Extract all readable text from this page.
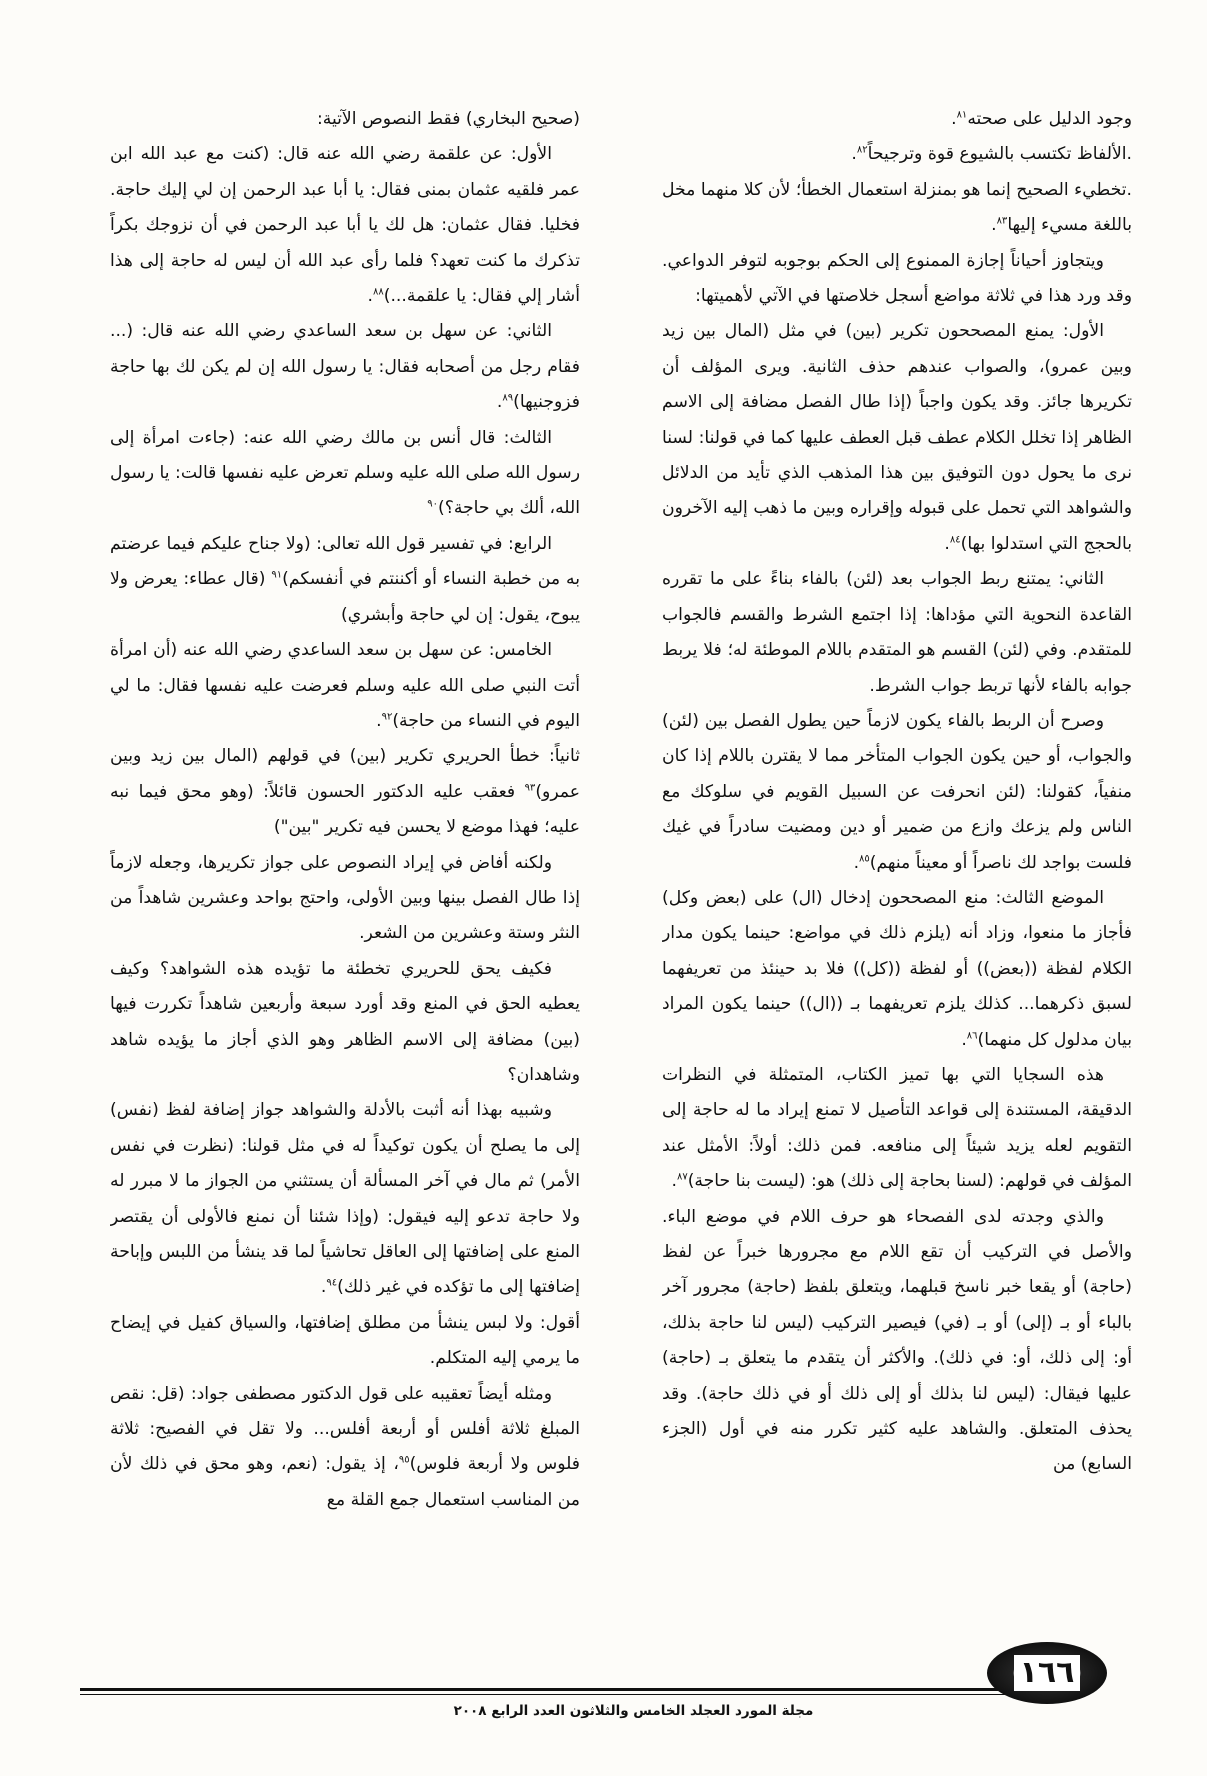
وجود الدليل على صحته$^{٨١}$.

.الألفاظ تكتسب بالشيوع قوة وترجيحاً$^{٨٢}$.

.تخطيء الصحيح إنما هو بمنزلة استعمال الخطأ؛ لأن كلا منهما مخل باللغة مسيء إليها$^{٨٣}$.

ويتجاوز أحياناً إجازة الممنوع إلى الحكم بوجوبه لتوفر الدواعي. وقد ورد هذا في ثلاثة مواضع أسجل خلاصتها في الآتي لأهميتها:

الأول: يمنع المصححون تكرير (بين) في مثل (المال بين زيد وبين عمرو)، والصواب عندهم حذف الثانية. ويرى المؤلف أن تكريرها جائز. وقد يكون واجباً (إذا طال الفصل مضافة إلى الاسم الظاهر إذا تخلل الكلام عطف قبل العطف عليها كما في قولنا: لسنا نرى ما يحول دون التوفيق بين هذا المذهب الذي تأيد من الدلائل والشواهد التي تحمل على قبوله وإقراره وبين ما ذهب إليه الآخرون بالحجج التي استدلوا بها)$^{٨٤}$.

الثاني: يمتنع ربط الجواب بعد (لئن) بالفاء بناءً على ما تقرره القاعدة النحوية التي مؤداها: إذا اجتمع الشرط والقسم فالجواب للمتقدم. وفي (لئن) القسم هو المتقدم باللام الموطئة له؛ فلا يربط جوابه بالفاء لأنها تربط جواب الشرط.

وصرح أن الربط بالفاء يكون لازماً حين يطول الفصل بين (لئن) والجواب، أو حين يكون الجواب المتأخر مما لا يقترن باللام إذا كان منفياً، كقولنا: (لئن انحرفت عن السبيل القويم في سلوكك مع الناس ولم يزعك وازع من ضمير أو دين ومضيت سادراً في غيك فلست بواجد لك ناصراً أو معيناً منهم)$^{٨٥}$.

الموضع الثالث: منع المصححون إدخال (ال) على (بعض وكل) فأجاز ما منعوا، وزاد أنه (يلزم ذلك في مواضع: حينما يكون مدار الكلام لفظة ((بعض)) أو لفظة ((كل)) فلا بد حينئذ من تعريفهما لسبق ذكرهما... كذلك يلزم تعريفهما بـ ((ال)) حينما يكون المراد بيان مدلول كل منهما)$^{٨٦}$.

هذه السجايا التي بها تميز الكتاب، المتمثلة في النظرات الدقيقة، المستندة إلى قواعد التأصيل لا تمنع إيراد ما له حاجة إلى التقويم لعله يزيد شيئاً إلى منافعه. فمن ذلك: أولاً: الأمثل عند المؤلف في قولهم: (لسنا بحاجة إلى ذلك) هو: (ليست بنا حاجة)$^{٨٧}$.

والذي وجدته لدى الفصحاء هو حرف اللام في موضع الباء. والأصل في التركيب أن تقع اللام مع مجرورها خبراً عن لفظ (حاجة) أو يقعا خبر ناسخ قبلهما، ويتعلق بلفظ (حاجة) مجرور آخر بالباء أو بـ (إلى) أو بـ (في) فيصير التركيب (ليس لنا حاجة بذلك، أو: إلى ذلك، أو: في ذلك). والأكثر أن يتقدم ما يتعلق بـ (حاجة) عليها فيقال: (ليس لنا بذلك أو إلى ذلك أو في ذلك حاجة). وقد يحذف المتعلق. والشاهد عليه كثير تكرر منه في أول (الجزء السابع) من

(صحيح البخاري) فقط النصوص الآتية:

الأول: عن علقمة رضي الله عنه قال: (كنت مع عبد الله ابن عمر فلقيه عثمان بمنى فقال: يا أبا عبد الرحمن إن لي إليك حاجة. فخليا. فقال عثمان: هل لك يا أبا عبد الرحمن في أن نزوجك بكراً تذكرك ما كنت تعهد؟ فلما رأى عبد الله أن ليس له حاجة إلى هذا أشار إلي فقال: يا علقمة...)$^{٨٨}$.

الثاني: عن سهل بن سعد الساعدي رضي الله عنه قال: (... فقام رجل من أصحابه فقال: يا رسول الله إن لم يكن لك بها حاجة فزوجنيها)$^{٨٩}$.

الثالث: قال أنس بن مالك رضي الله عنه: (جاءت امرأة إلى رسول الله صلى الله عليه وسلم تعرض عليه نفسها قالت: يا رسول الله، ألك بي حاجة؟)$^{٩٠}$

الرابع: في تفسير قول الله تعالى: (ولا جناح عليكم فيما عرضتم به من خطبة النساء أو أكننتم في أنفسكم)$^{٩١}$ (قال عطاء: يعرض ولا يبوح، يقول: إن لي حاجة وأبشري)

الخامس: عن سهل بن سعد الساعدي رضي الله عنه (أن امرأة أتت النبي صلى الله عليه وسلم فعرضت عليه نفسها فقال: ما لي اليوم في النساء من حاجة)$^{٩٢}$.

ثانياً: خطأ الحريري تكرير (بين) في قولهم (المال بين زيد وبين عمرو)$^{٩٣}$ فعقب عليه الدكتور الحسون قائلاً: (وهو محق فيما نبه عليه؛ فهذا موضع لا يحسن فيه تكرير "بين")

ولكنه أفاض في إيراد النصوص على جواز تكريرها، وجعله لازماً إذا طال الفصل بينها وبين الأولى، واحتج بواحد وعشرين شاهداً من النثر وستة وعشرين من الشعر.

فكيف يحق للحريري تخطئة ما تؤيده هذه الشواهد؟ وكيف يعطيه الحق في المنع وقد أورد سبعة وأربعين شاهداً تكررت فيها (بين) مضافة إلى الاسم الظاهر وهو الذي أجاز ما يؤيده شاهد وشاهدان؟

وشبيه بهذا أنه أثبت بالأدلة والشواهد جواز إضافة لفظ (نفس) إلى ما يصلح أن يكون توكيداً له في مثل قولنا: (نظرت في نفس الأمر) ثم مال في آخر المسألة أن يستثني من الجواز ما لا مبرر له ولا حاجة تدعو إليه فيقول: (وإذا شئنا أن نمنع فالأولى أن يقتصر المنع على إضافتها إلى العاقل تحاشياً لما قد ينشأ من اللبس وإباحة إضافتها إلى ما تؤكده في غير ذلك)$^{٩٤}$.

أقول: ولا لبس ينشأ من مطلق إضافتها، والسياق كفيل في إيضاح ما يرمي إليه المتكلم.

ومثله أيضاً تعقيبه على قول الدكتور مصطفى جواد: (قل: نقص المبلغ ثلاثة أفلس أو أربعة أفلس... ولا تقل في الفصيح: ثلاثة فلوس ولا أربعة فلوس)$^{٩٥}$، إذ يقول: (نعم، وهو محق في ذلك لأن من المناسب استعمال جمع القلة مع

١٦٦
مجلة المورد العجلد الخامس والثلاثون العدد الرابع ٢٠٠٨
